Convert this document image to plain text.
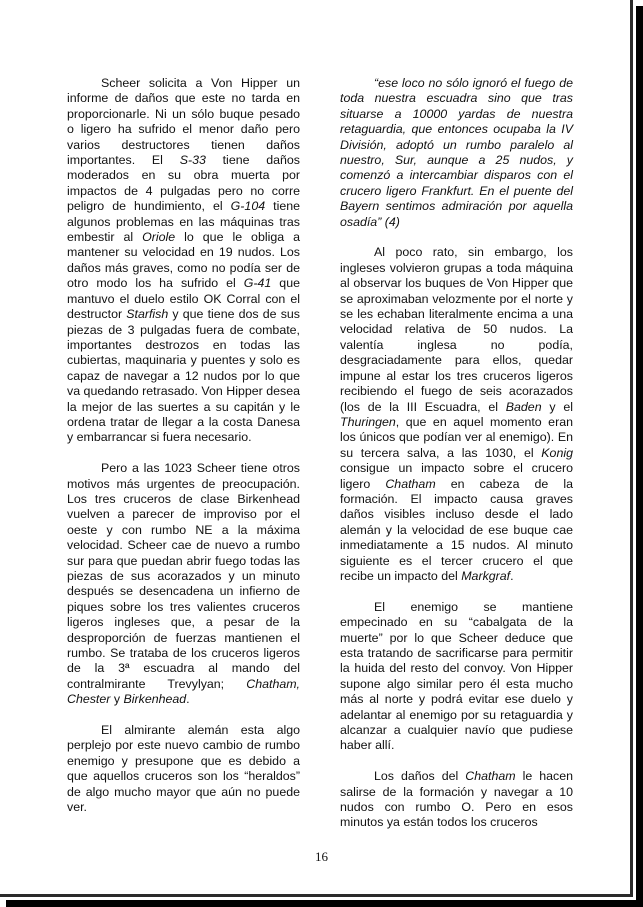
Scheer solicita a Von Hipper un informe de daños que este no tarda en proporcionarle. Ni un sólo buque pesado o ligero ha sufrido el menor daño pero varios destructores tienen daños importantes. El S-33 tiene daños moderados en su obra muerta por impactos de 4 pulgadas pero no corre peligro de hundimiento, el G-104 tiene algunos problemas en las máquinas tras embestir al Oriole lo que le obliga a mantener su velocidad en 19 nudos. Los daños más graves, como no podía ser de otro modo los ha sufrido el G-41 que mantuvo el duelo estilo OK Corral con el destructor Starfish y que tiene dos de sus piezas de 3 pulgadas fuera de combate, importantes destrozos en todas las cubiertas, maquinaria y puentes y solo es capaz de navegar a 12 nudos por lo que va quedando retrasado. Von Hipper desea la mejor de las suertes a su capitán y le ordena tratar de llegar a la costa Danesa y embarrancar si fuera necesario.

Pero a las 1023 Scheer tiene otros motivos más urgentes de preocupación. Los tres cruceros de clase Birkenhead vuelven a parecer de improviso por el oeste y con rumbo NE a la máxima velocidad. Scheer cae de nuevo a rumbo sur para que puedan abrir fuego todas las piezas de sus acorazados y un minuto después se desencadena un infierno de piques sobre los tres valientes cruceros ligeros ingleses que, a pesar de la desproporción de fuerzas mantienen el rumbo. Se trataba de los cruceros ligeros de la 3ª escuadra al mando del contralmirante Trevylyan; Chatham, Chester y Birkenhead.

El almirante alemán esta algo perplejo por este nuevo cambio de rumbo enemigo y presupone que es debido a que aquellos cruceros son los “heraldos” de algo mucho mayor que aún no puede ver.

“ese loco no sólo ignoró el fuego de toda nuestra escuadra sino que tras situarse a 10000 yardas de nuestra retaguardia, que entonces ocupaba la IV División, adoptó un rumbo paralelo al nuestro, Sur, aunque a 25 nudos, y comenzó a intercambiar disparos con el crucero ligero Frankfurt. En el puente del Bayern sentimos admiración por aquella osadía” (4)

Al poco rato, sin embargo, los ingleses volvieron grupas a toda máquina al observar los buques de Von Hipper que se aproximaban velozmente por el norte y se les echaban literalmente encima a una velocidad relativa de 50 nudos. La valentía inglesa no podía, desgraciadamente para ellos, quedar impune al estar los tres cruceros ligeros recibiendo el fuego de seis acorazados (los de la III Escuadra, el Baden y el Thuringen, que en aquel momento eran los únicos que podían ver al enemigo). En su tercera salva, a las 1030, el Konig consigue un impacto sobre el crucero ligero Chatham en cabeza de la formación. El impacto causa graves daños visibles incluso desde el lado alemán y la velocidad de ese buque cae inmediatamente a 15 nudos. Al minuto siguiente es el tercer crucero el que recibe un impacto del Markgraf.

El enemigo se mantiene empecinado en su “cabalgata de la muerte” por lo que Scheer deduce que esta tratando de sacrificarse para permitir la huida del resto del convoy. Von Hipper supone algo similar pero él esta mucho más al norte y podrá evitar ese duelo y adelantar al enemigo por su retaguardia y alcanzar a cualquier navío que pudiese haber allí.

Los daños del Chatham le hacen salirse de la formación y navegar a 10 nudos con rumbo O. Pero en esos minutos ya están todos los cruceros

16
